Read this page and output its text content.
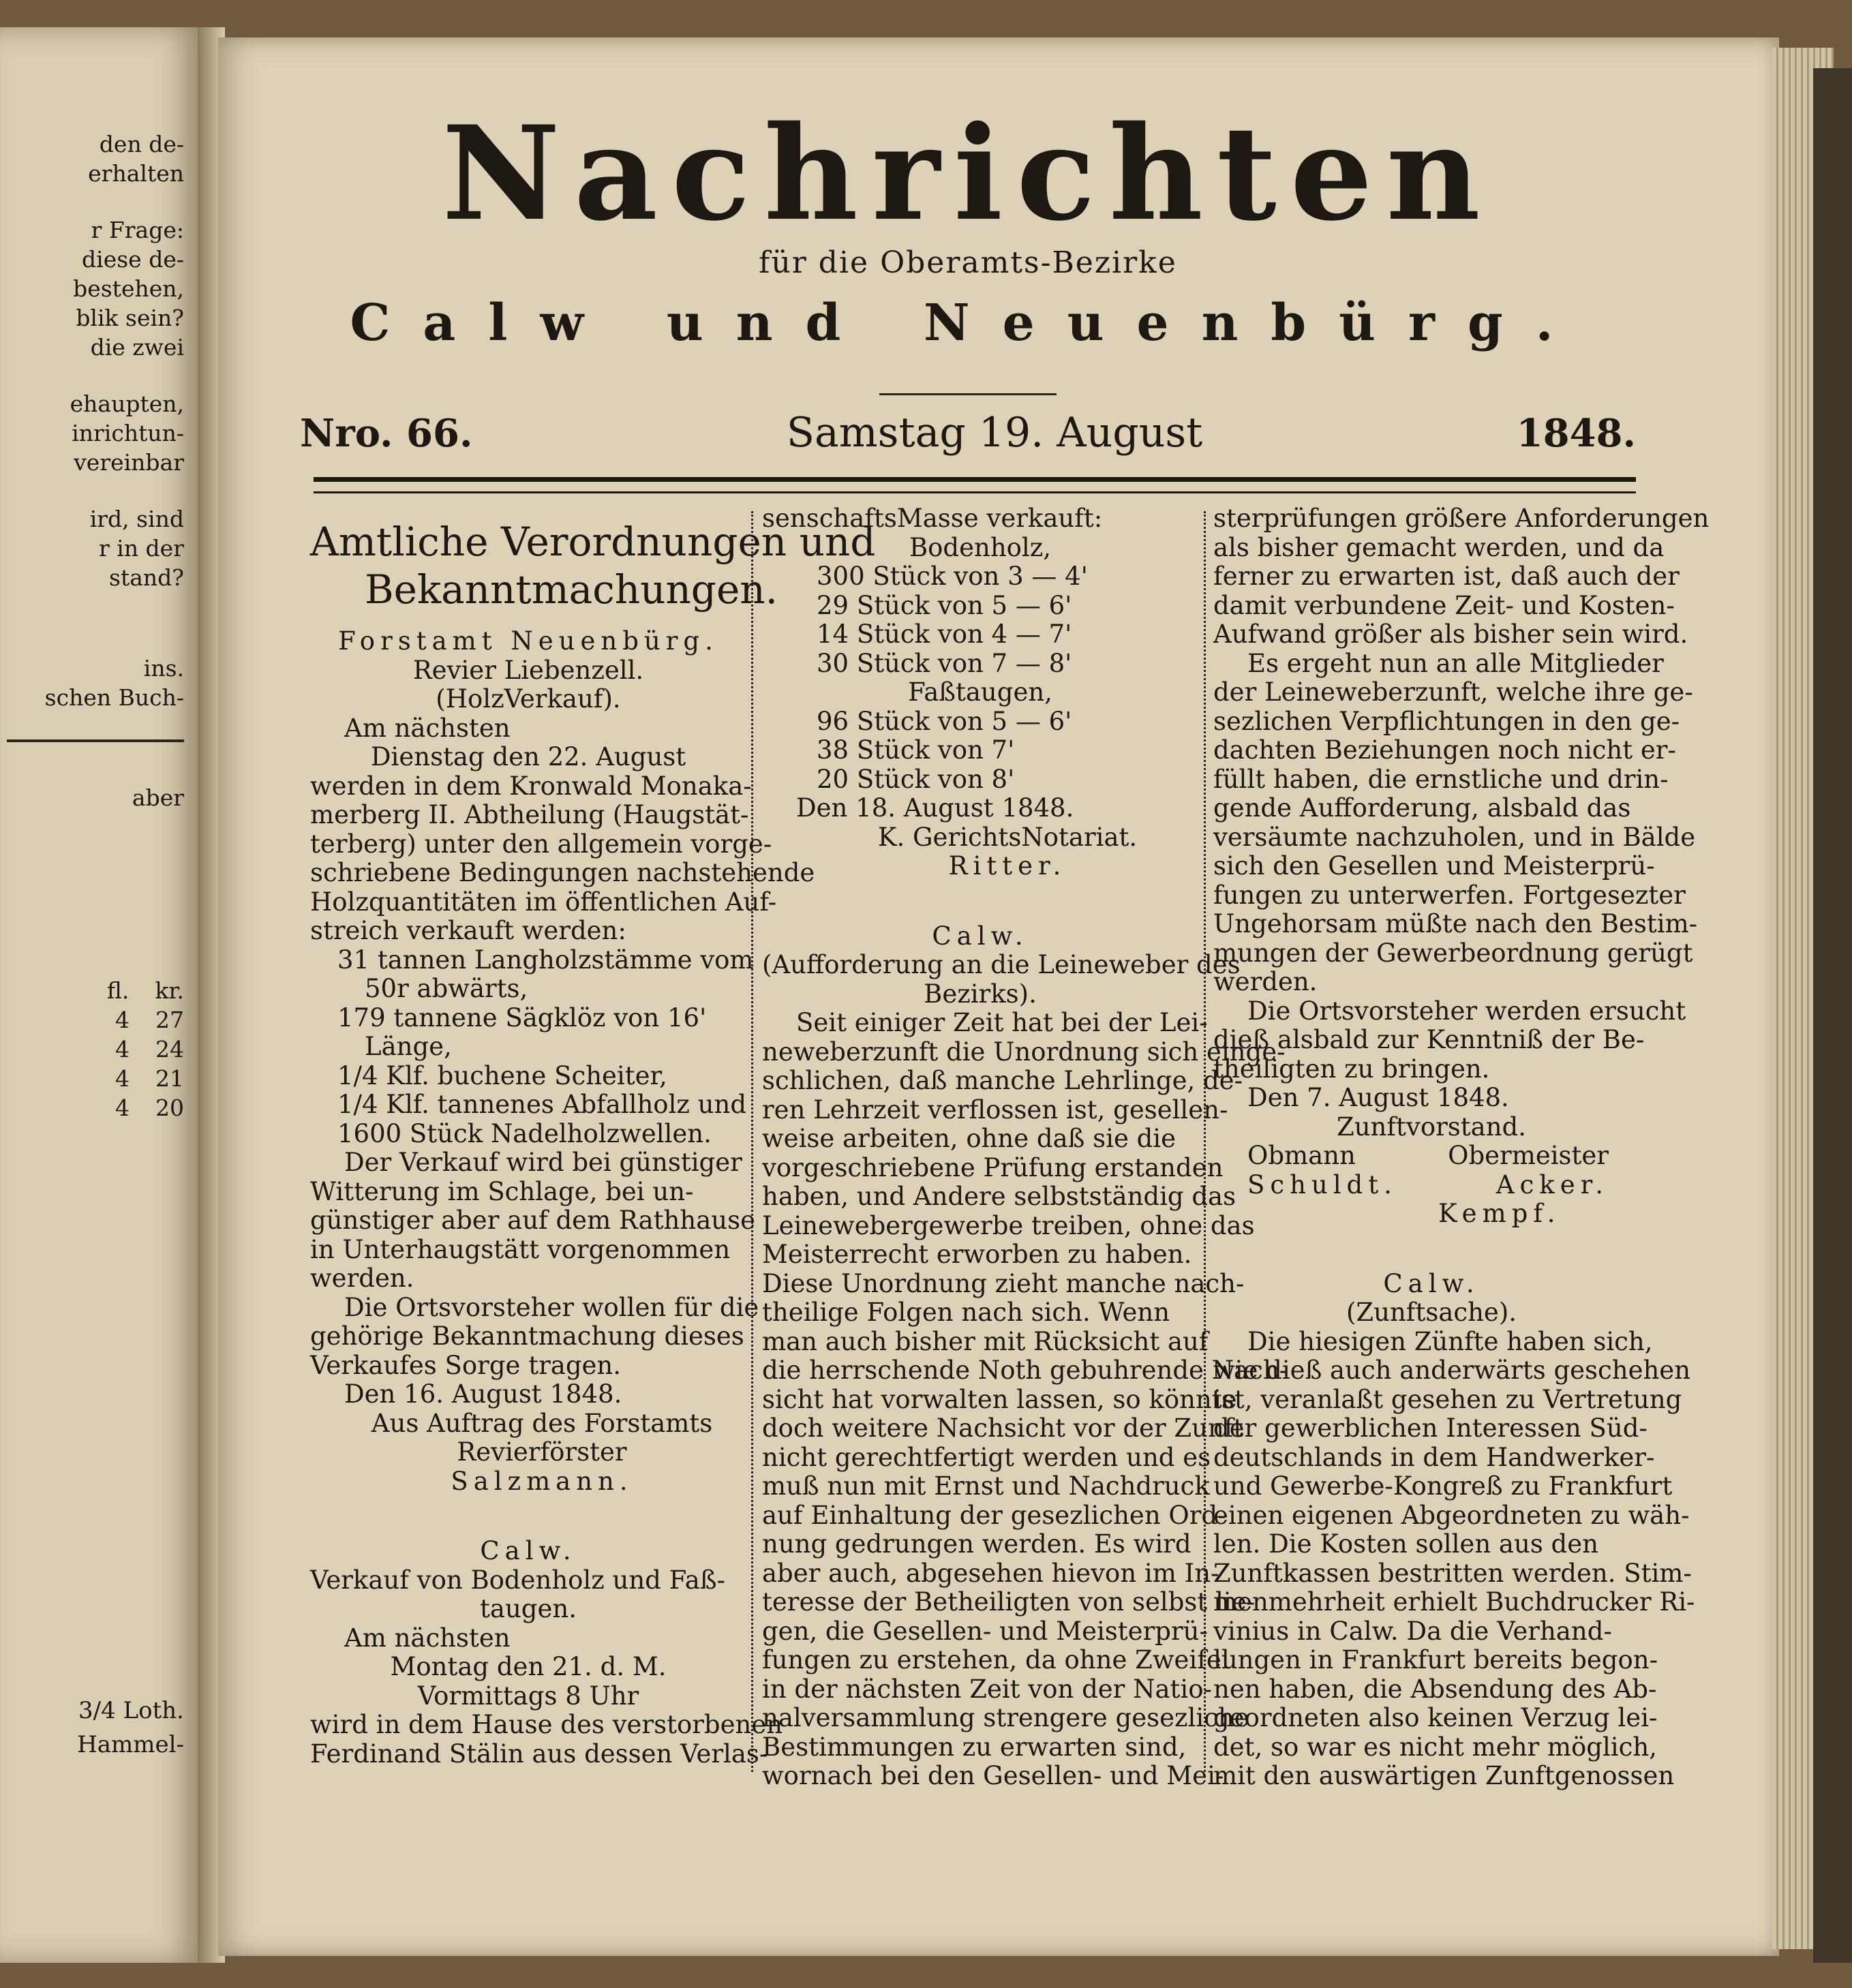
den de-
erhalten
r Frage:
diese de-
bestehen,
blik sein?
die zwei
ehaupten,
inrichtun-
vereinbar
ird, sind
r in der
stand?
ins.
schen Buch-
aber
fl. kr.
4 27
4 24
4 21
4 20
3/4 Loth.
Hammel-
Nachrichten
für die Oberamts-Bezirke
Calw und Neuenbürg.
Nro. 66.	Samstag 19. August	1848.

Amtliche Verordnungen und

Bekanntmachungen.

Forstamt Neuenbürg.

Revier Liebenzell.

(HolzVerkauf).

Am nächsten

Dienstag den 22. August

werden in dem Kronwald Monaka-

merberg II. Abtheilung (Haugstät-

terberg) unter den allgemein vorge-

schriebene Bedingungen nachstehende

Holzquantitäten im öffentlichen Auf-

streich verkauft werden:

31 tannen Langholzstämme vom

50r abwärts,

179 tannene Sägklöz von 16'

Länge,

1/4 Klf. buchene Scheiter,

1/4 Klf. tannenes Abfallholz und

1600 Stück Nadelholzwellen.

Der Verkauf wird bei günstiger

Witterung im Schlage, bei un-

günstiger aber auf dem Rathhause

in Unterhaugstätt vorgenommen

werden.

Die Ortsvorsteher wollen für die

gehörige Bekanntmachung dieses

Verkaufes Sorge tragen.

Den 16. August 1848.

Aus Auftrag des Forstamts

Revierförster

Salzmann.

Calw.

Verkauf von Bodenholz und Faß-

taugen.

Am nächsten

Montag den 21. d. M.

Vormittags 8 Uhr

wird in dem Hause des verstorbenen

Ferdinand Stälin aus dessen Verlas-

senschaftsMasse verkauft:

Bodenholz,

300 Stück von 3 — 4'

29 Stück von 5 — 6'

14 Stück von 4 — 7'

30 Stück von 7 — 8'

Faßtaugen,

96 Stück von 5 — 6'

38 Stück von 7'

20 Stück von 8'

Den 18. August 1848.

K. GerichtsNotariat.

Ritter.

Calw.

(Aufforderung an die Leineweber des

Bezirks).

Seit einiger Zeit hat bei der Lei-

neweberzunft die Unordnung sich einge-

schlichen, daß manche Lehrlinge, de-

ren Lehrzeit verflossen ist, gesellen-

weise arbeiten, ohne daß sie die

vorgeschriebene Prüfung erstanden

haben, und Andere selbstständig das

Leinewebergewerbe treiben, ohne das

Meisterrecht erworben zu haben.

Diese Unordnung zieht manche nach-

theilige Folgen nach sich. Wenn

man auch bisher mit Rücksicht auf

die herrschende Noth gebuhrende Nach-

sicht hat vorwalten lassen, so könnte

doch weitere Nachsicht vor der Zunft

nicht gerechtfertigt werden und es

muß nun mit Ernst und Nachdruck

auf Einhaltung der gesezlichen Ord-

nung gedrungen werden. Es wird

aber auch, abgesehen hievon im In-

teresse der Betheiligten von selbst lie-

gen, die Gesellen- und Meisterprü-

fungen zu erstehen, da ohne Zweifel

in der nächsten Zeit von der Natio-

nalversammlung strengere gesezliche

Bestimmungen zu erwarten sind,

wornach bei den Gesellen- und Mei-

sterprüfungen größere Anforderungen

als bisher gemacht werden, und da

ferner zu erwarten ist, daß auch der

damit verbundene Zeit- und Kosten-

Aufwand größer als bisher sein wird.

Es ergeht nun an alle Mitglieder

der Leineweberzunft, welche ihre ge-

sezlichen Verpflichtungen in den ge-

dachten Beziehungen noch nicht er-

füllt haben, die ernstliche und drin-

gende Aufforderung, alsbald das

versäumte nachzuholen, und in Bälde

sich den Gesellen und Meisterprü-

fungen zu unterwerfen. Fortgesezter

Ungehorsam müßte nach den Bestim-

mungen der Gewerbeordnung gerügt

werden.

Die Ortsvorsteher werden ersucht

dieß alsbald zur Kenntniß der Be-

theiligten zu bringen.

Den 7. August 1848.

Zunftvorstand.

Obmann	Obermeister
Schuldt.	Acker.

Kempf.

Calw.

(Zunftsache).

Die hiesigen Zünfte haben sich,

wie dieß auch anderwärts geschehen

ist, veranlaßt gesehen zu Vertretung

der gewerblichen Interessen Süd-

deutschlands in dem Handwerker-

und Gewerbe-Kongreß zu Frankfurt

einen eigenen Abgeordneten zu wäh-

len. Die Kosten sollen aus den

Zunftkassen bestritten werden. Stim-

menmehrheit erhielt Buchdrucker Ri-

vinius in Calw. Da die Verhand-

lungen in Frankfurt bereits begon-

nen haben, die Absendung des Ab-

geordneten also keinen Verzug lei-

det, so war es nicht mehr möglich,

mit den auswärtigen Zunftgenossen
